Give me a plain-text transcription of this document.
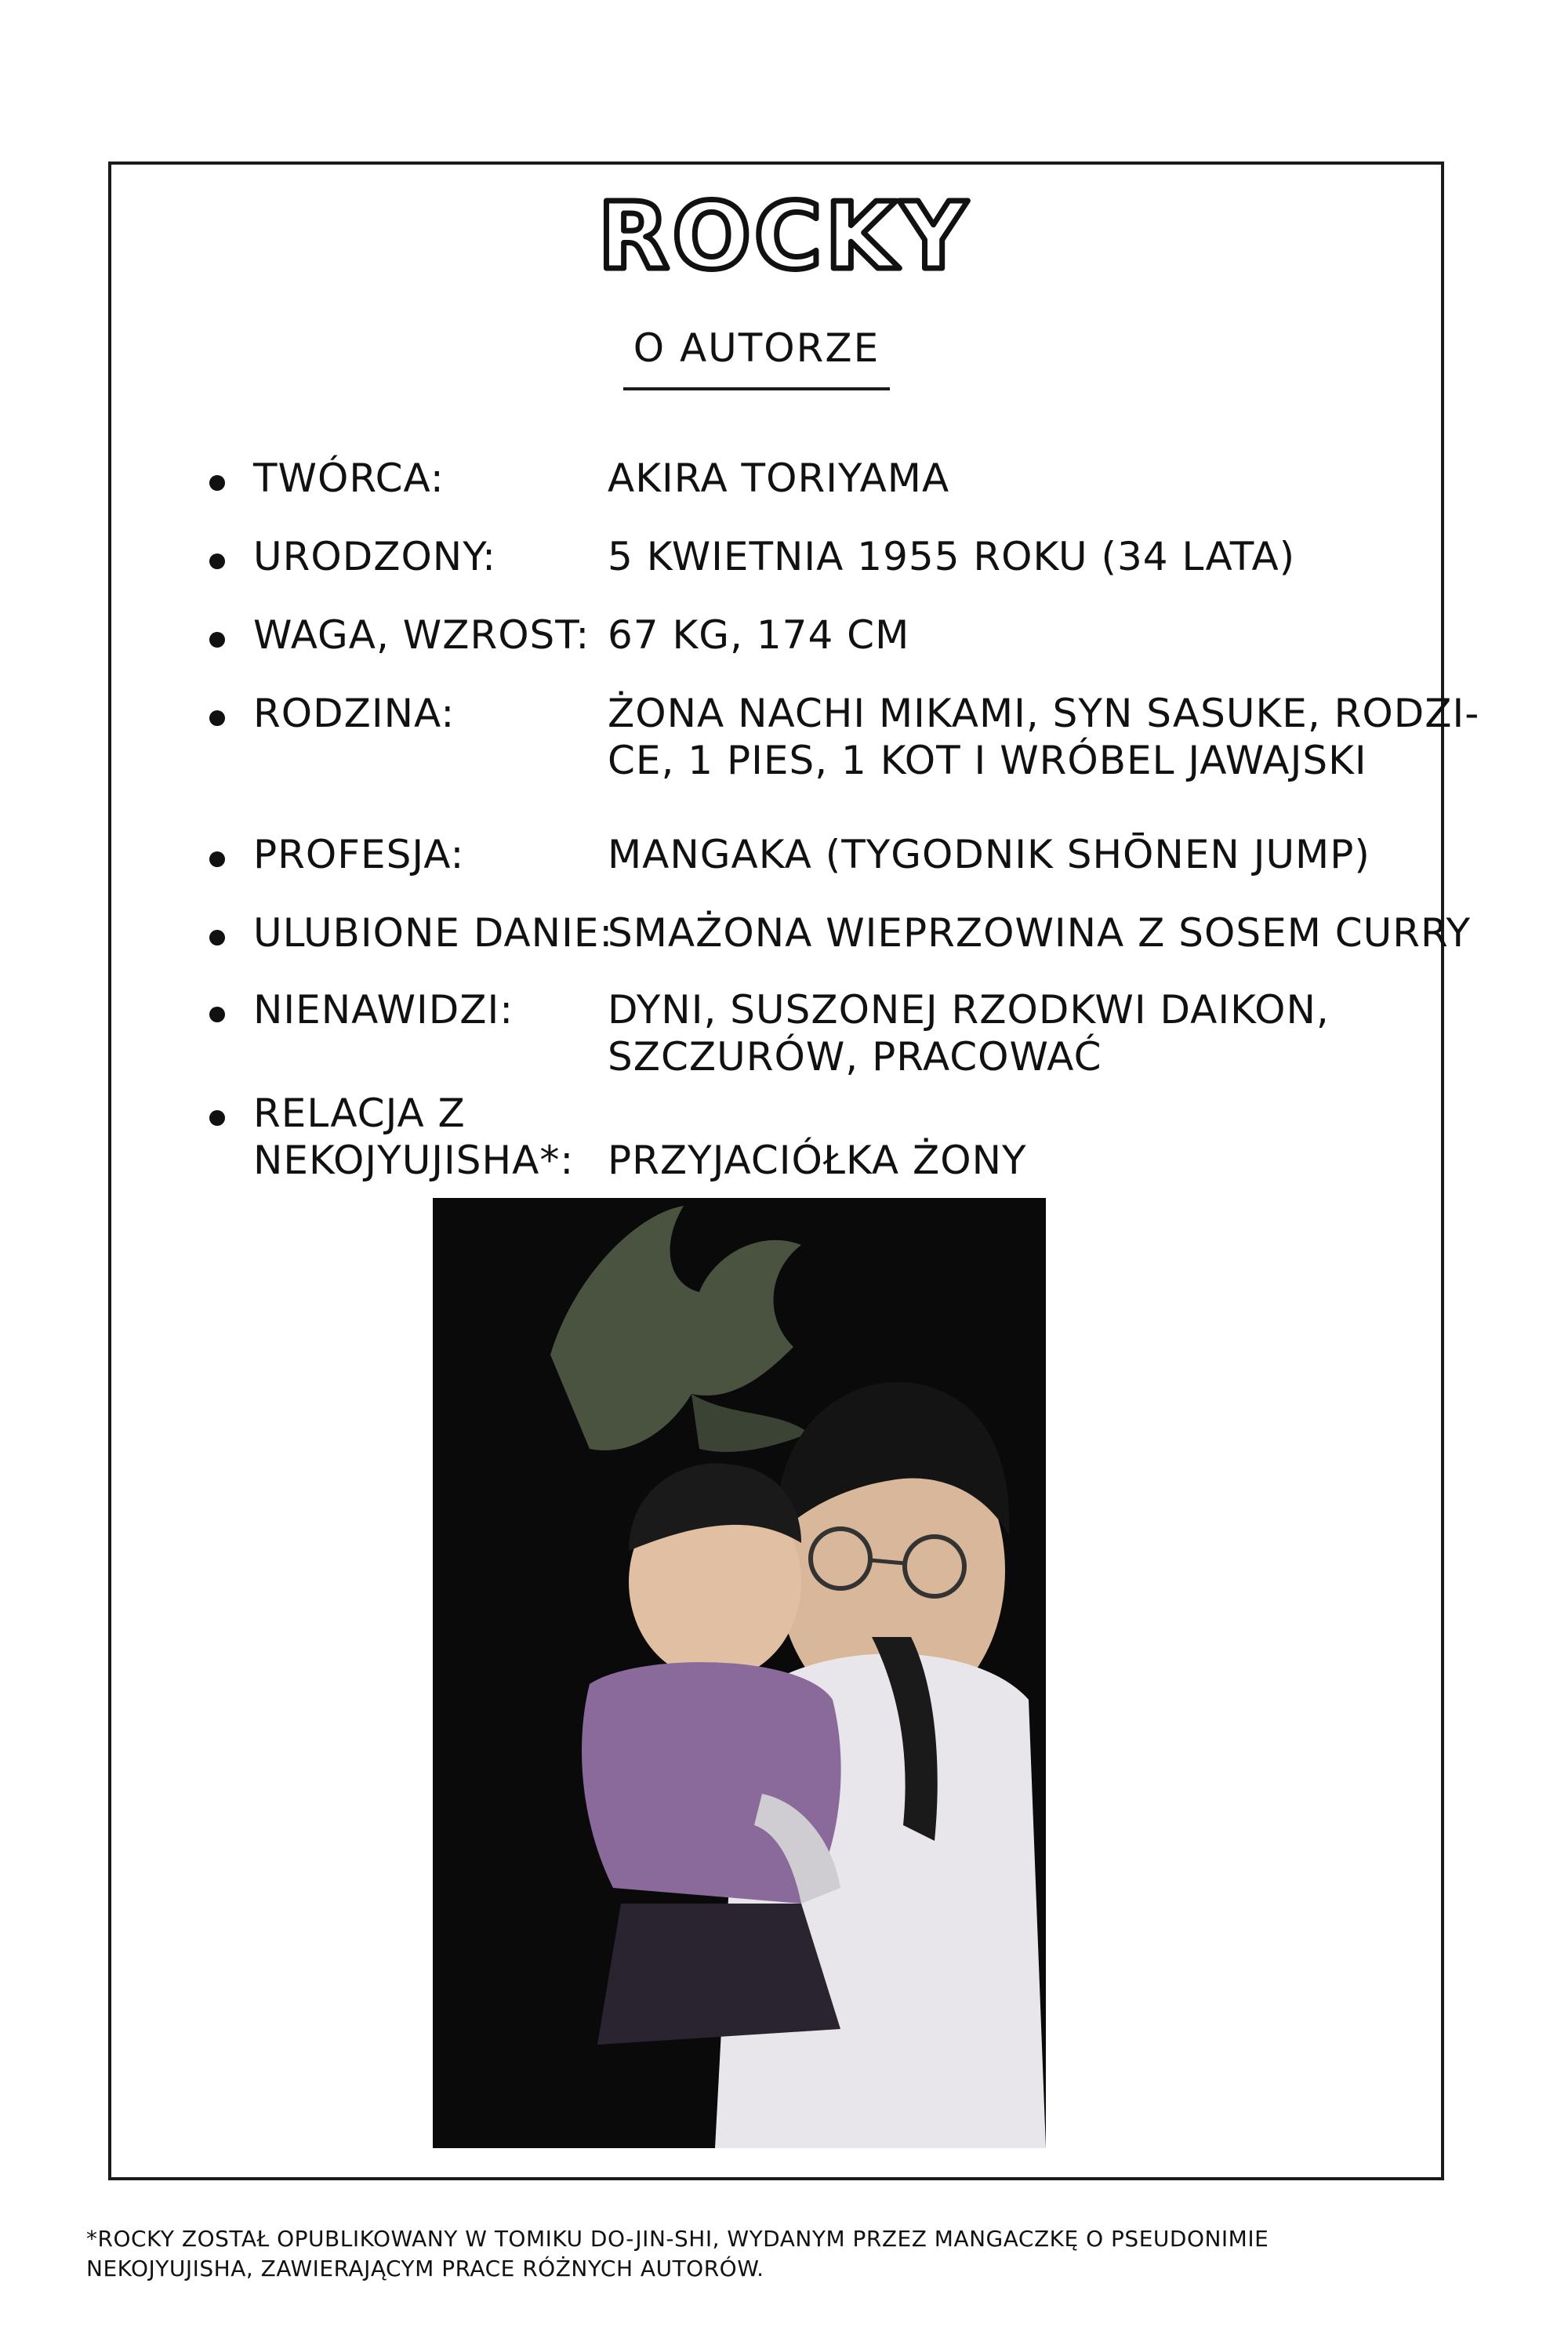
ROCKY
O AUTORZE
TWÓRCA:	AKIRA TORIYAMA
URODZONY:	5 KWIETNIA 1955 ROKU (34 LATA)
WAGA, WZROST: 67 KG, 174 CM
RODZINA:	ŻONA NACHI MIKAMI, SYN SASUKE, RODZI-
CE, 1 PIES, 1 KOT I WRÓBEL JAWAJSKI
PROFESJA:	MANGAKA (TYGODNIK SHŌNEN JUMP)
ULUBIONE DANIE:
SMAŻONA WIEPRZOWINA Z SOSEM CURRY
NIENAWIDZI: DYNI, SUSZONEJ RZODKWI DAIKON,
SZCZURÓW, PRACOWAĆ
RELACJA Z
NEKOJYUJISHA*: PRZYJACIÓŁKA ŻONY
*ROCKY ZOSTAŁ OPUBLIKOWANY W TOMIKU DO-JIN-SHI, WYDANYM PRZEZ MANGACZKĘ O PSEUDONIMIE
NEKOJYUJISHA, ZAWIERAJĄCYM PRACE RÓŻNYCH AUTORÓW.
